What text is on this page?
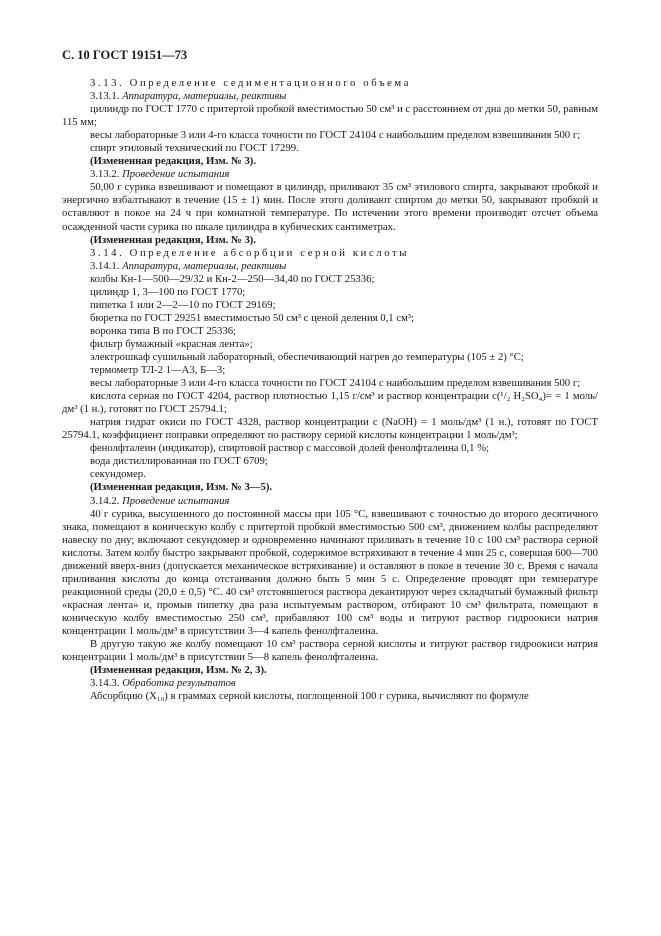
С. 10 ГОСТ 19151—73

3.13. Определение седиментационного объема

3.13.1. Аппаратура, материалы, реактивы

цилиндр по ГОСТ 1770 с притертой пробкой вместимостью 50 см³ и с расстоянием от дна до метки 50, равным 115 мм;

весы лабораторные 3 или 4-го класса точности по ГОСТ 24104 с наибольшим пределом взвешивания 500 г;

спирт этиловый технический по ГОСТ 17299.

(Измененная редакция, Изм. № 3).

3.13.2. Проведение испытания

50,00 г сурика взвешивают и помещают в цилиндр, приливают 35 см³ этилового спирта, закрывают пробкой и энергично взбалтывают в течение (15 ± 1) мин. После этого доливают спиртом до метки 50, закрывают пробкой и оставляют в покое на 24 ч при комнатной температуре. По истечении этого времени производят отсчет объема осажденной части сурика по шкале цилиндра в кубических сантиметрах.

(Измененная редакция, Изм. № 3).

3.14. Определение абсорбции серной кислоты

3.14.1. Аппаратура, материалы, реактивы

колбы Кн-1—500—29/32 и Кн-2—250—34,40 по ГОСТ 25336;

цилиндр 1, 3—100 по ГОСТ 1770;

пипетка 1 или 2—2—10 по ГОСТ 29169;

бюретка по ГОСТ 29251 вместимостью 50 см³ с ценой деления 0,1 см³;

воронка типа В по ГОСТ 25336;

фильтр бумажный «красная лента»;

электрошкаф сушильный лабораторный, обеспечивающий нагрев до температуры (105 ± 2) °С;

термометр ТЛ-2 1—А3, Б—3;

весы лабораторные 3 или 4-го класса точности по ГОСТ 24104 с наибольшим пределом взвешивания 500 г;

кислота серная по ГОСТ 4204, раствор плотностью 1,15 г/см³ и раствор концентрации c(¹/₂ H₂SO₄)= = 1 моль/дм³ (1 н.), готовят по ГОСТ 25794.1;

натрия гидрат окиси по ГОСТ 4328, раствор концентрации c (NaOH) = 1 моль/дм³ (1 н.), готовят по ГОСТ 25794.1, коэффициент поправки определяют по раствору серной кислоты концентрации 1 моль/дм³;

фенолфталеин (индикатор), спиртовой раствор с массовой долей фенолфталеина 0,1 %;

вода дистиллированная по ГОСТ 6709;

секундомер.

(Измененная редакция, Изм. № 3—5).

3.14.2. Проведение испытания

40 г сурика, высушенного до постоянной массы при 105 °С, взвешивают с точностью до второго десятичного знака, помещают в коническую колбу с притертой пробкой вместимостью 500 см³, движением колбы распределяют навеску по дну; включают секундомер и одновременно начинают приливать в течение 10 с 100 см³ раствора серной кислоты. Затем колбу быстро закрывают пробкой, содержимое встряхивают в течение 4 мин 25 с, совершая 600—700 движений вверх-вниз (допускается механическое встряхивание) и оставляют в покое в течение 30 с. Время с начала приливания кислоты до конца отстаивания должно быть 5 мин 5 с. Определение проводят при температуре реакционной среды (20,0 ± 0,5) °С. 40 см³ отстоявшегося раствора декантируют через складчатый бумажный фильтр «красная лента» и, промыв пипетку два раза испытуемым раствором, отбирают 10 см³ фильтрата, помещают в коническую колбу вместимостью 250 см³, прибавляют 100 см³ воды и титруют раствор гидроокиси натрия концентрации 1 моль/дм³ в присутствии 3—4 капель фенолфталеина.

В другую такую же колбу помещают 10 см³ раствора серной кислоты и титруют раствор гидроокиси натрия концентрации 1 моль/дм³ в присутствии 5—8 капель фенолфталеина.

(Измененная редакция, Изм. № 2, 3).

3.14.3. Обработка результатов

Абсорбцию (X₁₀) в граммах серной кислоты, поглощенной 100 г сурика, вычисляют по формуле
